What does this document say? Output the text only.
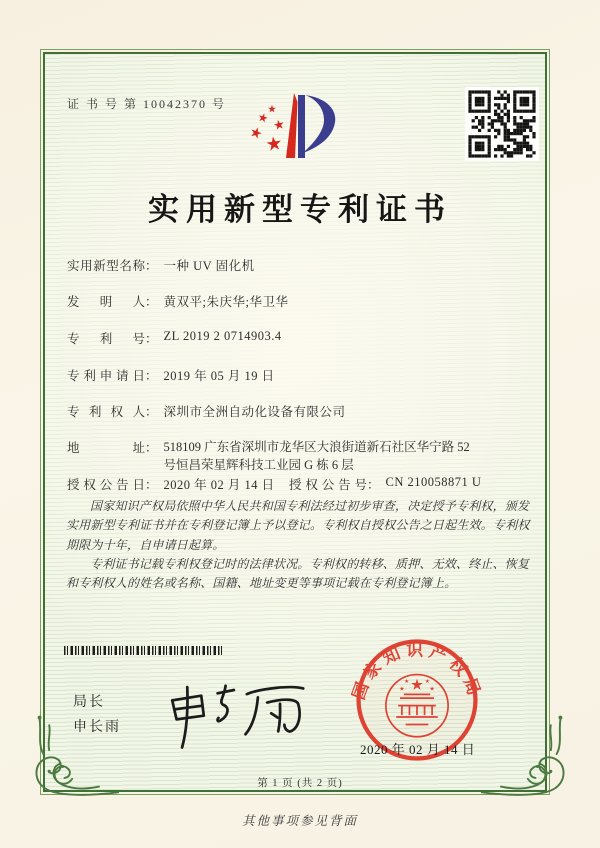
证 书 号 第 10042370 号
实用新型专利证书
实用新型名称： 一种 UV 固化机
发明人： 黄双平;朱庆华;华卫华
专利号： ZL 2019 2 0714903.4
专利申请日： 2019 年 05 月 19 日
专利权人： 深圳市全洲自动化设备有限公司
地址： 518109 广东省深圳市龙华区大浪街道新石社区华宁路 52
号恒昌荣星辉科技工业园 G 栋 6 层
授权公告日： 2020 年 02 月 14 日 授权公告号： CN 210058871 U

国家知识产权局依照中华人民共和国专利法经过初步审查，决定授予专利权，颁发实用新型专利证书并在专利登记簿上予以登记。专利权自授权公告之日起生效。专利权期限为十年，自申请日起算。

专利证书记载专利权登记时的法律状况。专利权的转移、质押、无效、终止、恢复和专利权人的姓名或名称、国籍、地址变更等事项记载在专利登记簿上。

局长
申长雨
国家知识产权局
2020 年 02 月 14 日
第 1 页 (共 2 页)
其他事项参见背面
